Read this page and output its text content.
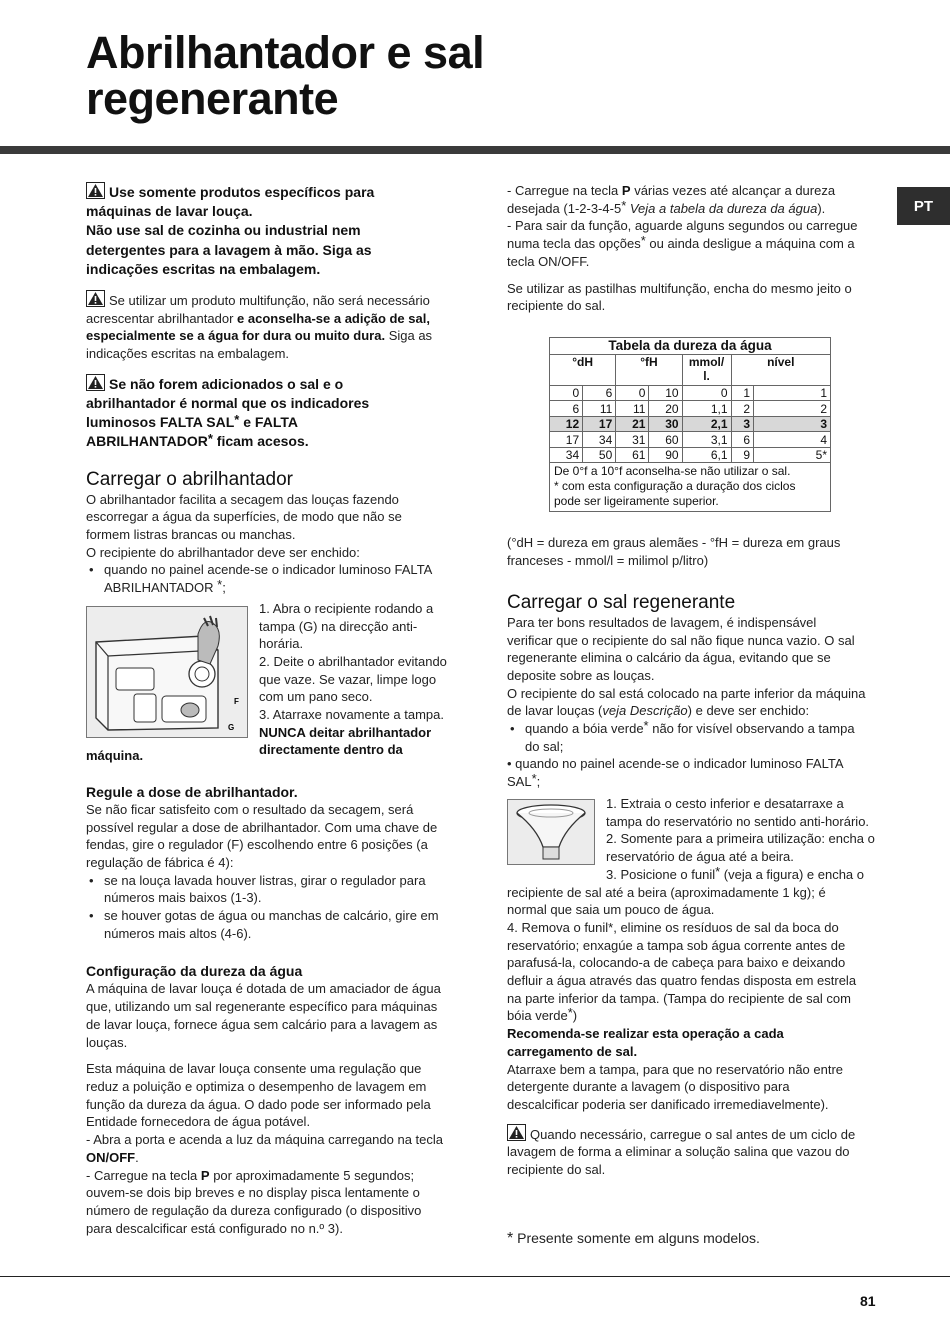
Abrilhantador e sal
regenerante
PT
Use somente produtos específicos para
máquinas de lavar louça.
Não use sal de cozinha ou industrial nem
detergentes para a lavagem à mão. Siga as
indicações escritas na embalagem.

Se utilizar um produto multifunção, não será necessário
acrescentar abrilhantador e aconselha-se a adição de sal,
especialmente se a água for dura ou muito dura. Siga as
indicações escritas na embalagem.

Se não forem adicionados o sal e o
abrilhantador é normal que os indicadores
luminosos FALTA SAL* e FALTA
ABRILHANTADOR* ficam acesos.
Carregar o abrilhantador

O abrilhantador facilita a secagem das louças fazendo
escorregar a água da superfícies, de modo que não se
formem listras brancas ou manchas.
O recipiente do abrilhantador deve ser enchido:

• quando no painel acende-se o indicador luminoso FALTA
ABRILHANTADOR *;

F
G

1. Abra o recipiente rodando a
tampa (G) na direcção anti-
horária.
2. Deite o abrilhantador evitando
que vaze. Se vazar, limpe logo
com um pano seco.
3. Atarraxe novamente a tampa.
NUNCA deitar abrilhantador
directamente dentro da

máquina.

Regule a dose de abrilhantador.

Se não ficar satisfeito com o resultado da secagem, será
possível regular a dose de abrilhantador. Com uma chave de
fendas, gire o regulador (F) escolhendo entre 6 posições (a
regulação de fábrica é 4):

• se na louça lavada houver listras, girar o regulador para
números mais baixos (1-3).

• se houver gotas de água ou manchas de calcário, gire em
números mais altos (4-6).

Configuração da dureza da água

A máquina de lavar louça é dotada de um amaciador de água
que, utilizando um sal regenerante específico para máquinas
de lavar louça, fornece água sem calcário para a lavagem as
louças.

Esta máquina de lavar louça consente uma regulação que
reduz a poluição e optimiza o desempenho de lavagem em
função da dureza da água. O dado pode ser informado pela
Entidade fornecedora de água potável.
- Abra a porta e acenda a luz da máquina carregando na tecla
ON/OFF.
- Carregue na tecla P por aproximadamente 5 segundos;
ouvem-se dois bip breves e no display pisca lentamente o
número de regulação da dureza configurado (o dispositivo
para descalcificar está configurado no n.º 3).

- Carregue na tecla P várias vezes até alcançar a dureza
desejada (1-2-3-4-5* Veja a tabela da dureza da água).
- Para sair da função, aguarde alguns segundos ou carregue
numa tecla das opções* ou ainda desligue a máquina com a
tecla ON/OFF.

Se utilizar as pastilhas multifunção, encha do mesmo jeito o
recipiente do sal.

Tabela da dureza da água						
°dH		°fH		mmol/ l.	nível	
0	6	0	10	0	1	1
6	11	11	20	1,1	2	2
12	17	21	30	2,1	3	3
17	34	31	60	3,1	6	4
34	50	61	90	6,1	9	5*
De 0°f a 10°f aconselha-se não utilizar o sal.
* com esta configuração a duração dos ciclos
pode ser ligeiramente superior.						

(°dH = dureza em graus alemães - °fH = dureza em graus
franceses - mmol/l = milimol p/litro)

Carregar o sal regenerante

Para ter bons resultados de lavagem, é indispensável
verificar que o recipiente do sal não fique nunca vazio. O sal
regenerante elimina o calcário da água, evitando que se
deposite sobre as louças.
O recipiente do sal está colocado na parte inferior da máquina
de lavar louças (veja Descrição) e deve ser enchido:

• quando a bóia verde* não for visível observando a tampa
do sal;

• quando no painel acende-se o indicador luminoso FALTA
SAL*;

1. Extraia o cesto inferior e desatarraxe a
tampa do reservatório no sentido anti-horário.
2. Somente para a primeira utilização: encha o
reservatório de água até a beira.

3. Posicione o funil* (veja a figura) e encha o
recipiente de sal até a beira (aproximadamente 1 kg); é
normal que saia um pouco de água.
4. Remova o funil*, elimine os resíduos de sal da boca do
reservatório; enxagúe a tampa sob água corrente antes de
parafusá-la, colocando-a de cabeça para baixo e deixando
defluir a água através das quatro fendas disposta em estrela
na parte inferior da tampa. (Tampa do recipiente de sal com
bóia verde*)
Recomenda-se realizar esta operação a cada
carregamento de sal.
Atarraxe bem a tampa, para que no reservatório não entre
detergente durante a lavagem (o dispositivo para
descalcificar poderia ser danificado irremediavelmente).

Quando necessário, carregue o sal antes de um ciclo de
lavagem de forma a eliminar a solução salina que vazou do
recipiente do sal.

* Presente somente em alguns modelos.

81
